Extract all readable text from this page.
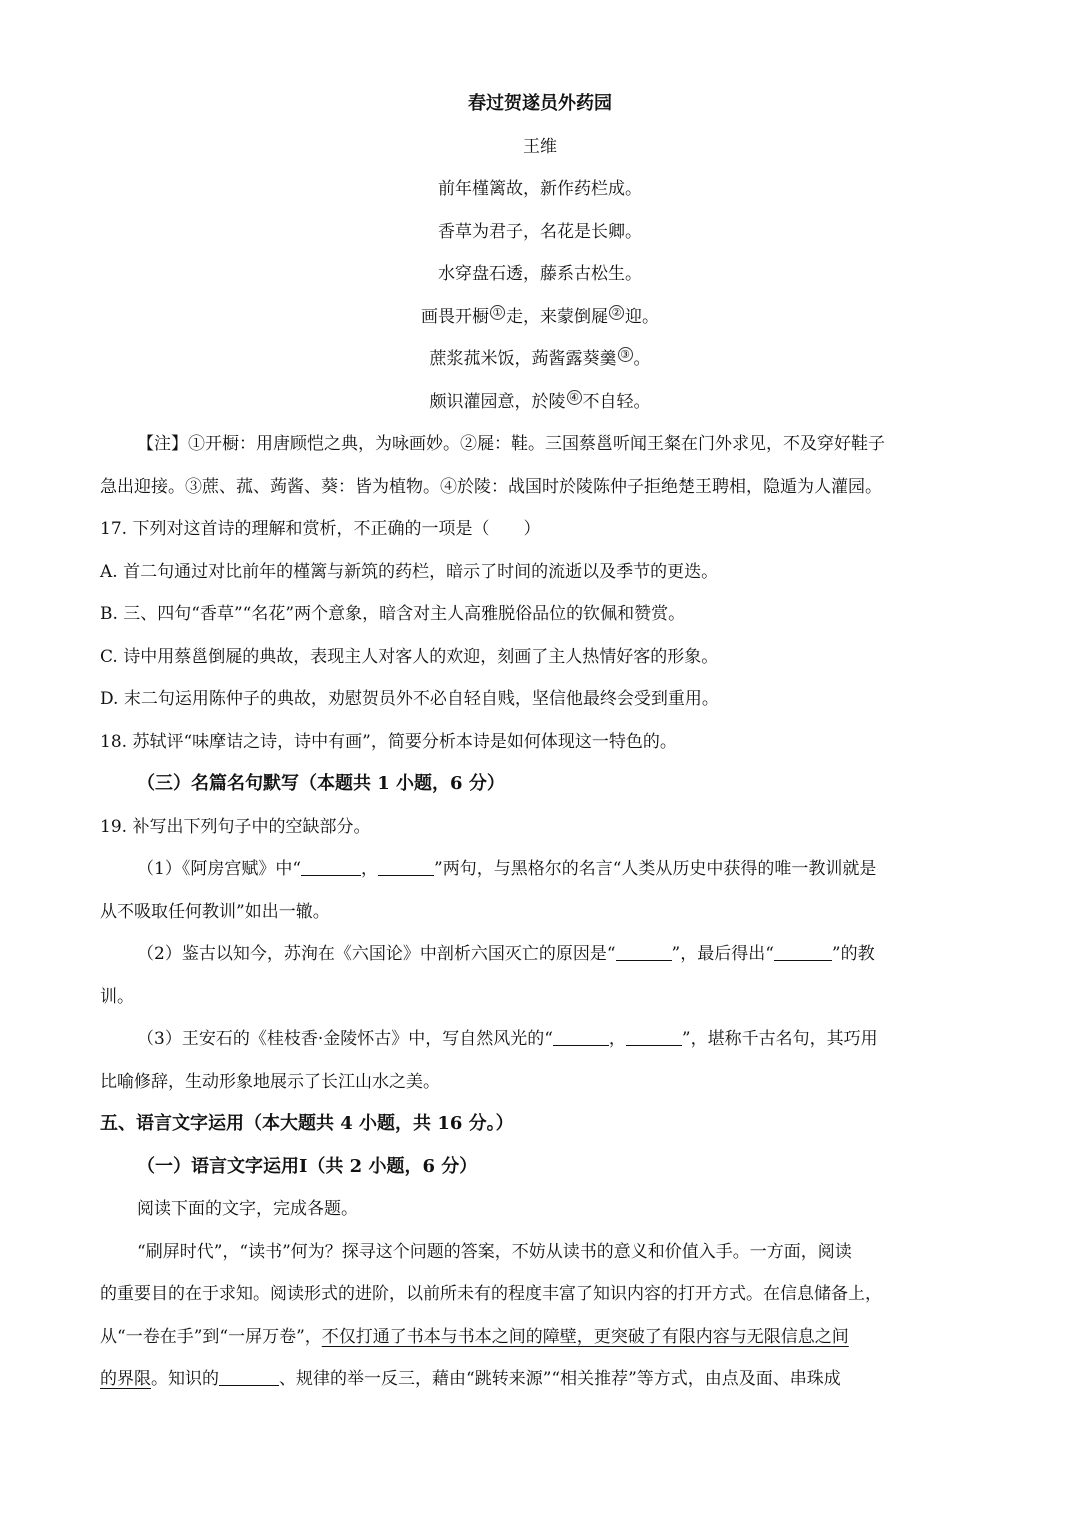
春过贺遂员外药园
王维
前年槿篱故，新作药栏成。
香草为君子，名花是长卿。
水穿盘石透，藤系古松生。
画畏开橱 ① 走，来蒙倒屣 ② 迎。
蔗浆菰米饭，蒟酱露葵羹 ③ 。
颇识灌园意，於陵 ④ 不自轻。
【注】①开橱：用唐顾恺之典，为咏画妙。②屣：鞋。三国蔡邕听闻王粲在门外求见，不及穿好鞋子
急出迎接。③蔗、菰、蒟酱、葵：皆为植物。④於陵：战国时於陵陈仲子拒绝楚王聘相，隐遁为人灌园。
17. 下列对这首诗的理解和赏析，不正确的一项是（　　）
A. 首二句通过对比前年的槿篱与新筑的药栏，暗示了时间的流逝以及季节的更迭。
B. 三、四句“香草”“名花”两个意象，暗含对主人高雅脱俗品位的钦佩和赞赏。
C. 诗中用蔡邕倒屣的典故，表现主人对客人的欢迎，刻画了主人热情好客的形象。
D. 末二句运用陈仲子的典故，劝慰贺员外不必自轻自贱，坚信他最终会受到重用。
18. 苏轼评“味摩诘之诗，诗中有画”，简要分析本诗是如何体现这一特色的。
（三）名篇名句默写（本题共 1 小题，6 分）
19. 补写出下列句子中的空缺部分。
（1）《阿房宫赋》中“	，	”两句，与黑格尔的名言“人类从历史中获得的唯一教训就是
从不吸取任何教训”如出一辙。
（2）鉴古以知今，苏洵在《六国论》中剖析六国灭亡的原因是“	”，最后得出“	”的教
训。
（3）王安石的《桂枝香·金陵怀古》中，写自然风光的“	，	”，堪称千古名句，其巧用
比喻修辞，生动形象地展示了长江山水之美。
五、语言文字运用（本大题共 4 小题，共 16 分。）
（一）语言文字运用Ⅰ（共 2 小题，6 分）
阅读下面的文字，完成各题。
“刷屏时代”，“读书”何为？探寻这个问题的答案，不妨从读书的意义和价值入手。一方面，阅读
的重要目的在于求知。阅读形式的进阶，以前所未有的程度丰富了知识内容的打开方式。在信息储备上，
从“一卷在手”到“一屏万卷”，不仅打通了书本与书本之间的障壁，更突破了有限内容与无限信息之间
的界限。知识的	、规律的举一反三，藉由“跳转来源”“相关推荐”等方式，由点及面、串珠成
